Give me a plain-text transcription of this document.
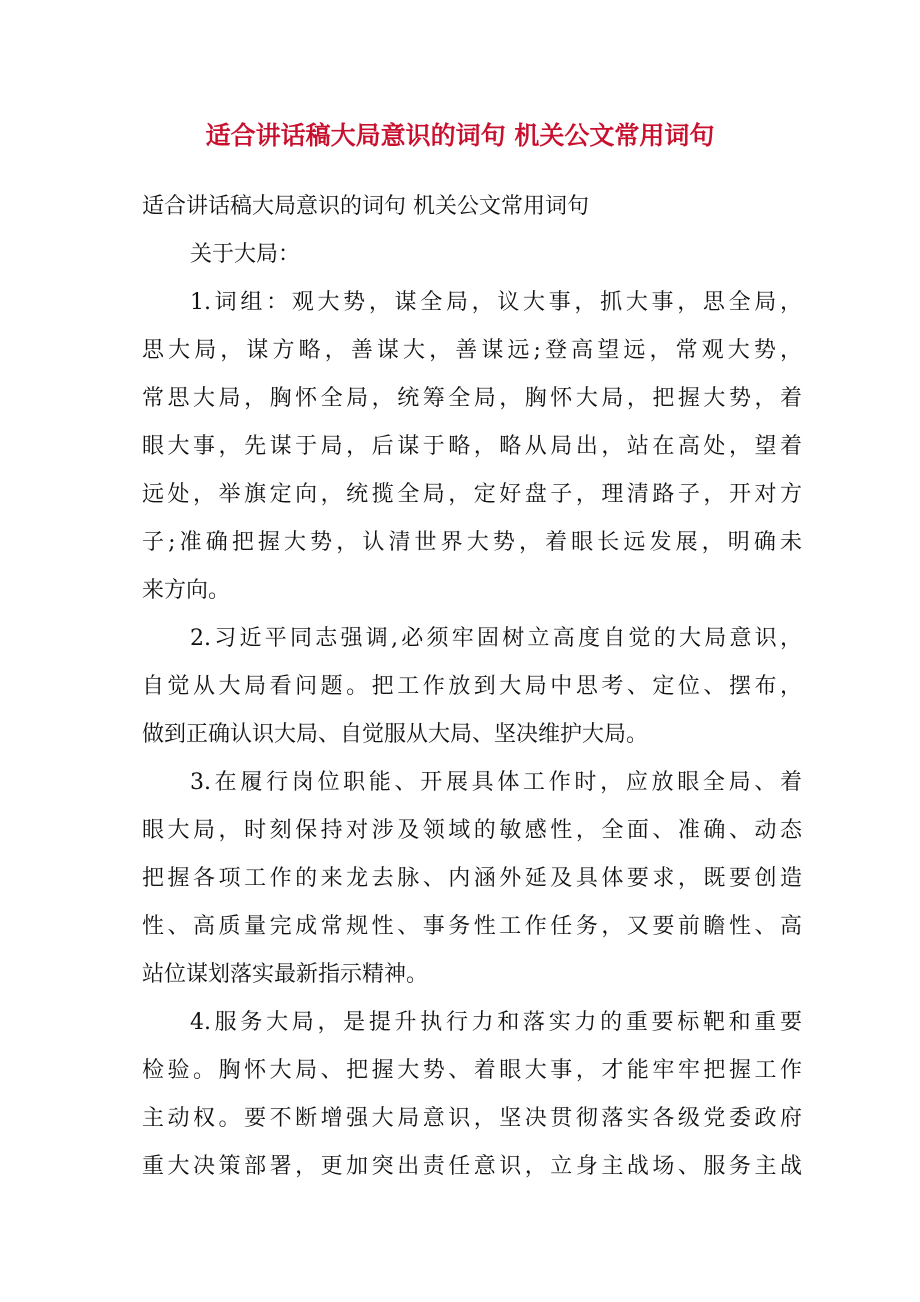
适合讲话稿大局意识的词句 机关公文常用词句
适合讲话稿大局意识的词句 机关公文常用词句
关于大局：
1.词组：观大势，谋全局，议大事，抓大事，思全局，
思大局，谋方略，善谋大，善谋远;登高望远，常观大势，
常思大局，胸怀全局，统筹全局，胸怀大局，把握大势，着
眼大事，先谋于局，后谋于略，略从局出，站在高处，望着
远处，举旗定向，统揽全局，定好盘子，理清路子，开对方
子;准确把握大势，认清世界大势，着眼长远发展，明确未
来方向。
2.习近平同志强调,必须牢固树立高度自觉的大局意识，
自觉从大局看问题。把工作放到大局中思考、定位、摆布，
做到正确认识大局、自觉服从大局、坚决维护大局。
3.在履行岗位职能、开展具体工作时，应放眼全局、着
眼大局，时刻保持对涉及领域的敏感性，全面、准确、动态
把握各项工作的来龙去脉、内涵外延及具体要求，既要创造
性、高质量完成常规性、事务性工作任务，又要前瞻性、高
站位谋划落实最新指示精神。
4.服务大局，是提升执行力和落实力的重要标靶和重要
检验。胸怀大局、把握大势、着眼大事，才能牢牢把握工作
主动权。要不断增强大局意识，坚决贯彻落实各级党委政府
重大决策部署，更加突出责任意识，立身主战场、服务主战
